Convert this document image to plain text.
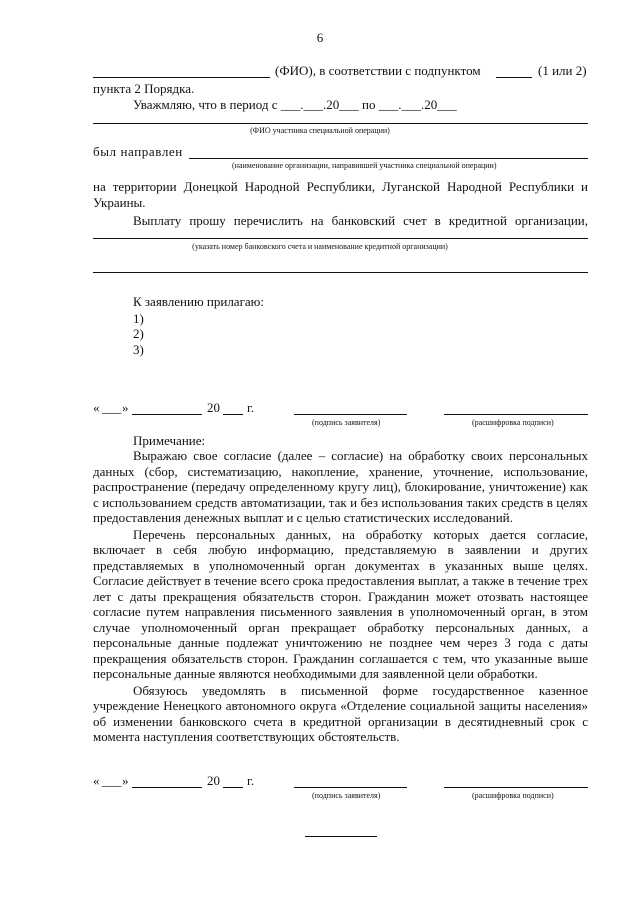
6
(ФИО), в соответствии с подпунктом	(1 или 2)
пункта 2 Порядка.
Уважмляю, что в период с ___.___.20___ по ___.___.20___
(ФИО участника специальной операции)
был направлен
(наименование организации, направившей участника специальной операции)

на территории Донецкой Народной Республики, Луганской Народной Республики и Украины.

Выплату прошу перечислить на банковский счет в кредитной организации,

(указать номер банковского счета и наименование кредитной организации)
К заявлению прилагаю:
1)
2)
3)
« ___ »	20 г.
(подпись заявителя)	(расшифровка подписи)
Примечание:

Выражаю свое согласие (далее – согласие) на обработку своих персональных данных (сбор, систематизацию, накопление, хранение, уточнение, использование, распространение (передачу определенному кругу лиц), блокирование, уничтожение) как с использованием средств автоматизации, так и без использования таких средств в целях предоставления денежных выплат и с целью статистических исследований.

Перечень персональных данных, на обработку которых дается согласие, включает в себя любую информацию, представляемую в заявлении и других представляемых в уполномоченный орган документах в указанных выше целях. Согласие действует в течение всего срока предоставления выплат, а также в течение трех лет с даты прекращения обязательств сторон. Гражданин может отозвать настоящее согласие путем направления письменного заявления в уполномоченный орган, в этом случае уполномоченный орган прекращает обработку персональных данных, а персональные данные подлежат уничтожению не позднее чем через 3 года с даты прекращения обязательств сторон. Гражданин соглашается с тем, что указанные выше персональные данные являются необходимыми для заявленной цели обработки.

Обязуюсь уведомлять в письменной форме государственное казенное учреждение Ненецкого автономного округа «Отделение социальной защиты населения» об изменении банковского счета в кредитной организации в десятидневный срок с момента наступления соответствующих обстоятельств.

« ___ »	20 г.
(подпись заявителя)	(расшифровка подписи)
